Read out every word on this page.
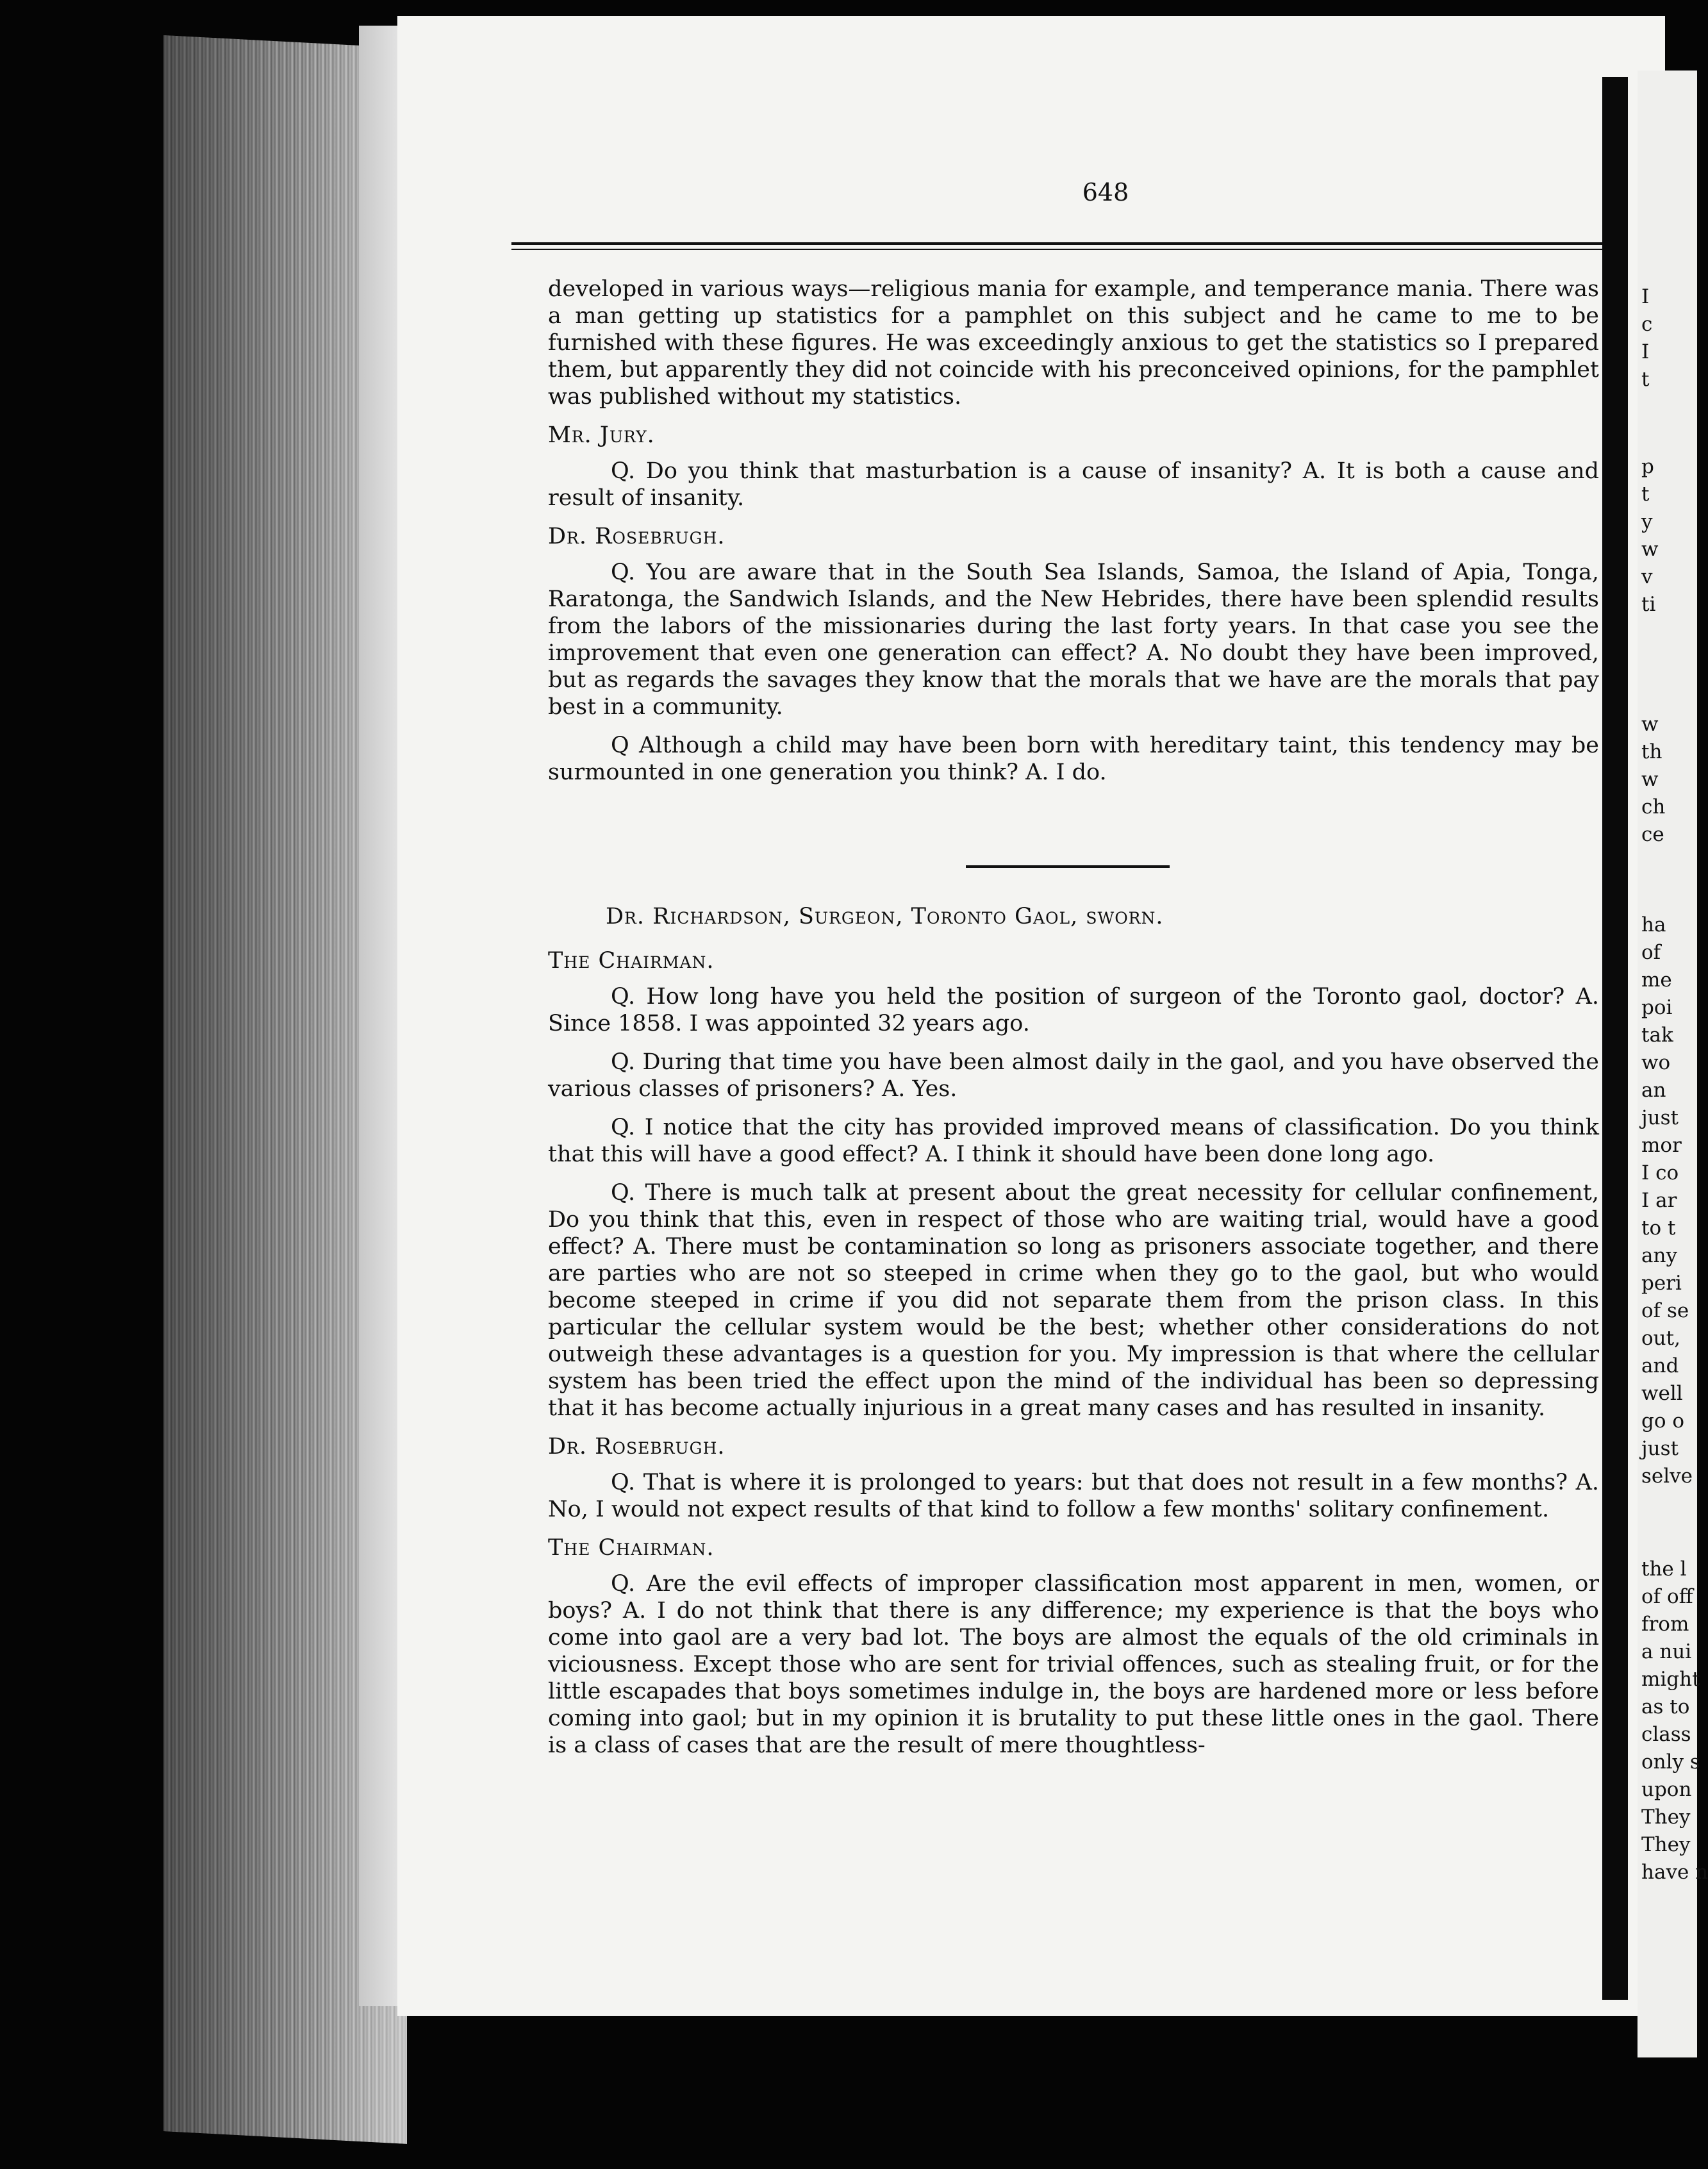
I
c
I
t
p
t
y
w
v
ti
w
th
w
ch
ce
ha
of
me
poi
tak
wo
an
just
mor
I co
I ar
to t
any
peri
of se
out,
and
well
go o
just
selve
the l
of off
from
a nui
might
as to
class
only s
upon
They
They
have n
648

developed in various ways—religious mania for example, and temperance mania. There was a man getting up statistics for a pamphlet on this subject and he came to me to be furnished with these figures. He was exceedingly anxious to get the statistics so I prepared them, but apparently they did not coincide with his preconceived opinions, for the pamphlet was published without my statistics.

Mr. Jury.

Q. Do you think that masturbation is a cause of insanity? A. It is both a cause and result of insanity.

Dr. Rosebrugh.

Q. You are aware that in the South Sea Islands, Samoa, the Island of Apia, Tonga, Raratonga, the Sandwich Islands, and the New Hebrides, there have been splendid results from the labors of the missionaries during the last forty years. In that case you see the improvement that even one generation can effect? A. No doubt they have been improved, but as regards the savages they know that the morals that we have are the morals that pay best in a community.

Q Although a child may have been born with hereditary taint, this tendency may be surmounted in one generation you think? A. I do.

Dr. Richardson, Surgeon, Toronto Gaol, sworn.

The Chairman.

Q. How long have you held the position of surgeon of the Toronto gaol, doctor? A. Since 1858. I was appointed 32 years ago.

Q. During that time you have been almost daily in the gaol, and you have observed the various classes of prisoners? A. Yes.

Q. I notice that the city has provided improved means of classification. Do you think that this will have a good effect? A. I think it should have been done long ago.

Q. There is much talk at present about the great necessity for cellular confinement, Do you think that this, even in respect of those who are waiting trial, would have a good effect? A. There must be contamination so long as prisoners associate together, and there are parties who are not so steeped in crime when they go to the gaol, but who would become steeped in crime if you did not separate them from the prison class. In this particular the cellular system would be the best; whether other considerations do not outweigh these advantages is a question for you. My impression is that where the cellular system has been tried the effect upon the mind of the individual has been so depressing that it has become actually injurious in a great many cases and has resulted in insanity.

Dr. Rosebrugh.

Q. That is where it is prolonged to years: but that does not result in a few months? A. No, I would not expect results of that kind to follow a few months' solitary confinement.

The Chairman.

Q. Are the evil effects of improper classification most apparent in men, women, or boys? A. I do not think that there is any difference; my experience is that the boys who come into gaol are a very bad lot. The boys are almost the equals of the old criminals in viciousness. Except those who are sent for trivial offences, such as stealing fruit, or for the little escapades that boys sometimes indulge in, the boys are hardened more or less before coming into gaol; but in my opinion it is brutality to put these little ones in the gaol. There is a class of cases that are the result of mere thoughtless-
